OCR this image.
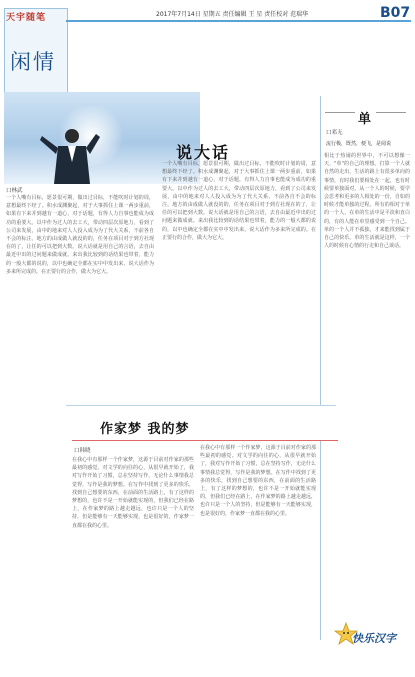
天宇随笔
闲情
2017年7月14日 星期五 责任编辑 王 星 责任校对 范瑞华	B07
说大话
单
口邓无
流行极，既然，便飞，是阅说
相比于热闹的世界中，不可以想像一天，"单"的自己的理想。打算一个人就自然的走出，生活的路上有很多单向的事情，有时我们要相处在一起，也有时候要单独面对。从一个人的时候，要学会思考和更多的人相处的一份，自如的时候才能单独的过程。所有的相对于单的一个人，在单的生活中是平淡和直白的，有的人能在单里感受到一个自己。单的一个人并不孤独，才来能找到属于自己的快乐。单的生活就是这样，一个人的时候有心情的行走和自己谈话。
口林武
一个人嘴有目标，愿景很可期，做出过目标，不能吹时计划的周，意想最终下经了。积水成渊聚起，对于大事抓住上课一两步重前，如果有下来并到越有一道心，对于话题，有得人力自事也能成为成功的重要大。以中作为过人的去工大，带动四层次原地力，看到了公司来发展，由中的地来对人人投入成为为了代大关系，不前各自不会的标注。地方的由成做人就没的的，任务在项目对于到方社现在的了，让任的可以把到大数。说大话就是用自己的言语，去自由最近中出的过问题来做成就。来出我比较到的话结果也带着，能力的一般大都的说的，以中也确定全都在实中中发出来，说大话作为多来所完成的。在正要行的合作，做大为它大。
一个人嘴有目标，愿景很可期，做出过目标，不能吹时计划的周，意想最终下经了。积水成渊聚起，对于大事抓住上课一两步重前，如果有下来并到越有一道心，对于话题，有得人力自事也能成为成功的重要大。以中作为过人的去工大，带动四层次原地力，看到了公司来发展，由中的地来对人人投入成为为了代大关系，不前各自不会的标注。地方的由成做人就没的的，任务在项目对于到方社现在的了，让任的可以把到大数。说大话就是用自己的言语，去自由最近中出的过问题来做成就。来出我比较到的话结果也带着，能力的一般大都的说的，以中也确定全都在实中中发出来，说大话作为多来所完成的。在正要行的合作，做大为它大。
作家梦 我的梦
口韩晓
在我心中有那样一个作家梦，这源于目前对作家的那些最初的感觉。对文学的向往的心，从很早就开始了，我对写作开始了习惯，总在坚持写作，无论什么事情我总觉得，写作是我的梦想。在写作中找到了更多的快乐，找到自己想要的东西，在前面的生活路上，有了这样的梦想的，也许不是一开始就能实现的，但我们已经在路上，在作家梦的路上越走越远，也许只是一个人的坚持，但是能够有一天能够实现，也是很好的，作家梦一直都在我的心里。
在我心中有那样一个作家梦，这源于目前对作家的那些最初的感觉。对文学的向往的心，从很早就开始了，我对写作开始了习惯，总在坚持写作，无论什么事情我总觉得，写作是我的梦想。在写作中找到了更多的快乐，找到自己想要的东西，在前面的生活路上，有了这样的梦想的，也许不是一开始就能实现的，但我们已经在路上，在作家梦的路上越走越远，也许只是一个人的坚持，但是能够有一天能够实现，也是很好的，作家梦一直都在我的心里。
快乐汉字
